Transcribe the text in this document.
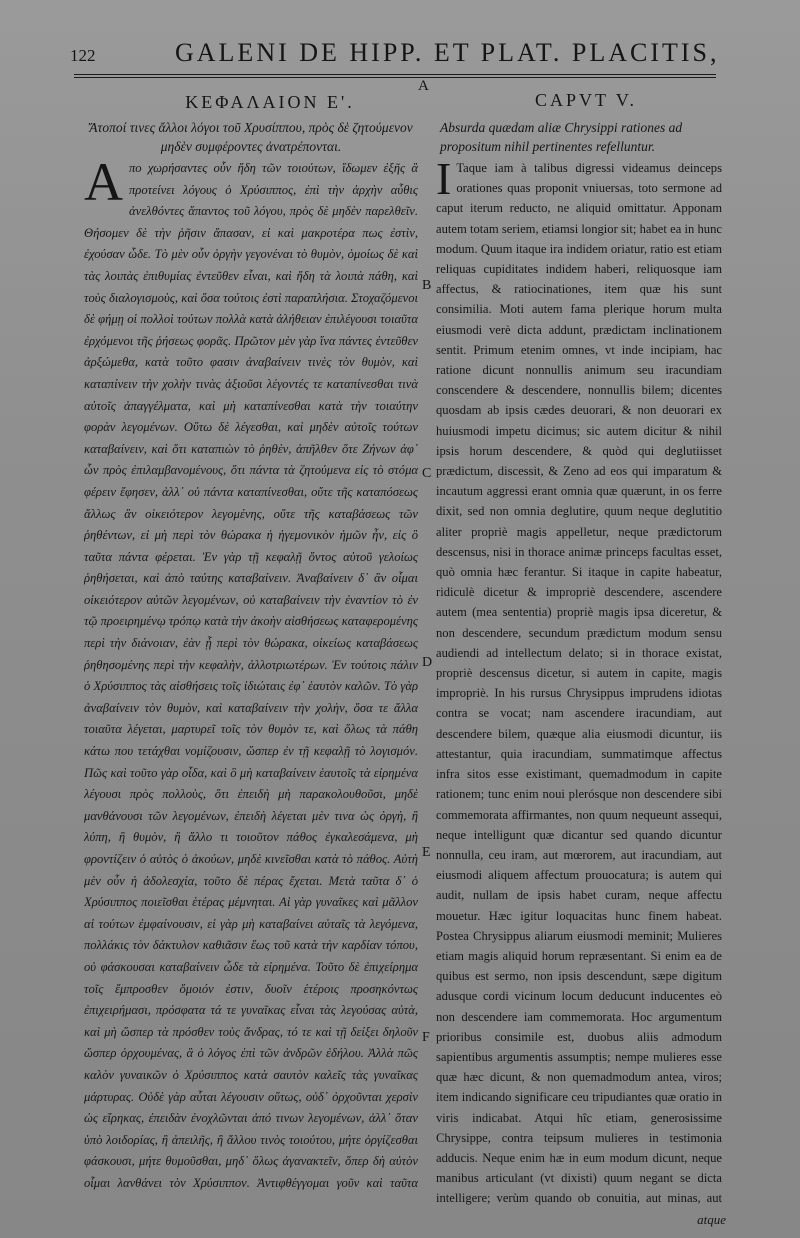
122	GALENI DE HIPP. ET PLAT. PLACITIS,
A
ΚΕΦΑΛΑΙΟΝ Ε'.	CAPVT V.
Ἄτοποί τινες ἄλλοι λόγοι τοῦ Χρυσίππου, πρὸς δὲ ζητούμενον μηδὲν συμφέροντες ἀνατρέπονται.
Absurda quædam aliæ Chrysippi rationes ad propositum nihil pertinentes refelluntur.
Α πο χωρήσαντες οὖν ἤδη τῶν τοιούτων, ἴδωμεν ἐξῆς ἃ προτείνει λόγους ὁ Χρύσιππος, ἐπὶ τὴν ἀρχὴν αὖθις ἀνελθόντες ἅπαντος τοῦ λόγου, πρὸς δὲ μηδὲν παρελθεῖν. Θήσομεν δὲ τὴν ῥῆσιν ἅπασαν, εἰ καὶ μακροτέρα πως ἐστὶν, ἐχούσαν ὧδε. Τὸ μὲν οὖν ὀργὴν γεγονέναι τὸ θυμὸν, ὁμοίως δὲ καὶ τὰς λοιπὰς ἐπιθυμίας ἐντεῦθεν εἶναι, καὶ ἤδη τὰ λοιπὰ πάθη, καὶ τοὺς διαλογισμοὺς, καὶ ὅσα τούτοις ἐστὶ παραπλήσια. Στοχαζόμενοι δὲ φήμῃ οἱ πολλοὶ τούτων πολλὰ κατὰ ἀλήθειαν ἐπιλέγουσι τοιαῦτα ἐρχόμενοι τῆς ῥήσεως φορᾶς. Πρῶτον μὲν γὰρ ἵνα πάντες ἐντεῦθεν ἀρξώμεθα, κατὰ τοῦτο φασιν ἀναβαίνειν τινὲς τὸν θυμὸν, καὶ καταπίνειν τὴν χολὴν τινὰς ἀξιοῦσι λέγοντές τε καταπίνεσθαι τινὰ αὐτοῖς ἀπαγγέλματα, καὶ μὴ καταπίνεσθαι κατὰ τὴν τοιαύτην φορὰν λεγομένων. Οὕτω δὲ λέγεσθαι, καὶ μηδὲν αὐτοῖς τούτων καταβαίνειν, καὶ ὅτι καταπιὼν τὸ ῥηθὲν, ἀπῆλθεν ὅτε Ζήνων ἀφ᾽ ὧν πρὸς ἐπιλαμβανομένους, ὅτι πάντα τὰ ζητούμενα εἰς τὸ στόμα φέρειν ἔφησεν, ἀλλ᾽ οὐ πάντα καταπίνεσθαι, οὔτε τῆς καταπόσεως ἄλλως ἂν οἰκειότερον λεγομένης, οὔτε τῆς καταβάσεως τῶν ῥηθέντων, εἰ μὴ περὶ τὸν θώρακα ἡ ἡγεμονικὸν ἡμῶν ἦν, εἰς ὃ ταῦτα πάντα φέρεται. Ἐν γὰρ τῇ κεφαλῇ ὄντος αὐτοῦ γελοίως ῥηθήσεται, καὶ ἀπὸ ταύτης καταβαίνειν. Ἀναβαίνειν δ᾽ ἂν οἶμαι οἰκειότερον αὐτῶν λεγομένων, οὐ καταβαίνειν τὴν ἐναντίον τὸ ἐν τῷ προειρημένῳ τρόπῳ κατὰ τὴν ἀκοὴν αἰσθήσεως καταφερομένης περὶ τὴν διάνοιαν, ἐὰν ᾖ περὶ τὸν θώρακα, οἰκείως καταβάσεως ῥηθησομένης περὶ τὴν κεφαλὴν, ἀλλοτριωτέρων. Ἐν τούτοις πάλιν ὁ Χρύσιππος τὰς αἰσθήσεις τοῖς ἰδιώταις ἐφ᾽ ἑαυτὸν καλῶν. Τὸ γὰρ ἀναβαίνειν τὸν θυμὸν, καὶ καταβαίνειν τὴν χολὴν, ὅσα τε ἄλλα τοιαῦτα λέγεται, μαρτυρεῖ τοῖς τὸν θυμὸν τε, καὶ ὅλως τὰ πάθη κάτω που τετάχθαι νομίζουσιν, ὥσπερ ἐν τῇ κεφαλῇ τὸ λογισμόν. Πῶς καὶ τοῦτο γὰρ οἶδα, καὶ ὃ μὴ καταβαίνειν ἑαυτοῖς τὰ εἰρημένα λέγουσι πρὸς πολλοὺς, ὅτι ἐπειδὴ μὴ παρακολουθοῦσι, μηδὲ μανθάνουσι τῶν λεγομένων, ἐπειδὴ λέγεται μὲν τινα ὡς ὀργὴ, ἢ λύπη, ἢ θυμὸν, ἢ ἄλλο τι τοιοῦτον πάθος ἐγκαλεσάμενα, μὴ φροντίζειν ὁ αὐτὸς ὁ ἀκούων, μηδὲ κινεῖσθαι κατὰ τὸ πάθος. Αὐτὴ μὲν οὖν ἡ ἀδολεσχία, τοῦτο δὲ πέρας ἔχεται. Μετὰ ταῦτα δ᾽ ὁ Χρύσιππος ποιεῖσθαι ἑτέρας μέμνηται. Αἱ γὰρ γυναῖκες καὶ μᾶλλον αἱ τούτων ἐμφαίνουσιν, εἰ γὰρ μὴ καταβαίνει αὐταῖς τὰ λεγόμενα, πολλάκις τὸν δάκτυλον καθιᾶσιν ἕως τοῦ κατὰ τὴν καρδίαν τόπου, οὐ φάσκουσαι καταβαίνειν ὧδε τὰ εἰρημένα. Τοῦτο δὲ ἐπιχείρημα τοῖς ἔμπροσθεν ὅμοιόν ἐστιν, δυοῖν ἑτέροις προσηκόντως ἐπιχειρήμασι, πρόσφατα τά τε γυναῖκας εἶναι τὰς λεγούσας αὐτὰ, καὶ μὴ ὥσπερ τὰ πρόσθεν τοὺς ἄνδρας, τό τε καὶ τῇ δείξει δηλοῦν ὥσπερ ὀρχουμένας, ἃ ὁ λόγος ἐπὶ τῶν ἀνδρῶν ἐδήλου. Ἀλλὰ πῶς καλὸν γυναικῶν ὁ Χρύσιππος κατὰ σαυτὸν καλεῖς τὰς γυναῖκας μάρτυρας. Οὐδὲ γὰρ αὗται λέγουσιν οὕτως, οὐδ᾽ ὀρχοῦνται χερσὶν ὡς εἴρηκας, ἐπειδὰν ἐνοχλῶνται ἀπό τινων λεγομένων, ἀλλ᾽ ὅταν ὑπὸ λοιδορίας, ἢ ἀπειλῆς, ἢ ἄλλου τινὸς τοιούτου, μήτε ὀργίζεσθαι φάσκουσι, μήτε θυμοῦσθαι, μηδ᾽ ὅλως ἀγανακτεῖν, ὅπερ δὴ αὐτὸν οἶμαι λανθάνει τὸν Χρύσιππον. Ἀντιφθέγγομαι γοῦν καὶ ταῦτα
I Taque iam à talibus digressi videamus deinceps orationes quas proponit vniuersas, toto sermone ad caput iterum reducto, ne aliquid omittatur. Apponam autem totam seriem, etiamsi longior sit; habet ea in hunc modum. Quum itaque ira indidem oriatur, ratio est etiam reliquas cupiditates indidem haberi, reliquosque iam affectus, & ratiocinationes, item quæ his sunt consimilia. Moti autem fama plerique horum multa eiusmodi verè dicta addunt, prædictam inclinationem sentit. Primum etenim omnes, vt inde incipiam, hac ratione dicunt nonnullis animum seu iracundiam conscendere & descendere, nonnullis bilem; dicentes quosdam ab ipsis cædes deuorari, & non deuorari ex huiusmodi impetu dicimus; sic autem dicitur & nihil ipsis horum descendere, & quòd qui deglutiisset prædictum, discessit, & Zeno ad eos qui imparatum & incautum aggressi erant omnia quæ quærunt, in os ferre dixit, sed non omnia deglutire, quum neque deglutitio aliter propriè magis appelletur, neque prædictorum descensus, nisi in thorace animæ princeps facultas esset, quò omnia hæc ferantur. Si itaque in capite habeatur, ridiculè dicetur & impropriè descendere, ascendere autem (mea sententia) propriè magis ipsa diceretur, & non descendere, secundum prædictum modum sensu audiendi ad intellectum delato; si in thorace existat, propriè descensus dicetur, si autem in capite, magis impropriè. In his rursus Chrysippus imprudens idiotas contra se vocat; nam ascendere iracundiam, aut descendere bilem, quæque alia eiusmodi dicuntur, iis attestantur, quia iracundiam, summatimque affectus infra sitos esse existimant, quemadmodum in capite rationem; tunc enim noui plerósque non descendere sibi commemorata affirmantes, non quum nequeunt assequi, neque intelligunt quæ dicantur sed quando dicuntur nonnulla, ceu iram, aut mœrorem, aut iracundiam, aut eiusmodi aliquem affectum prouocatura; is autem qui audit, nullam de ipsis habet curam, neque affectu mouetur. Hæc igitur loquacitas hunc finem habeat. Postea Chrysippus aliarum eiusmodi meminit; Mulieres etiam magis aliquid horum repræsentant. Si enim ea de quibus est sermo, non ipsis descendunt, sæpe digitum adusque cordi vicinum locum deducunt inducentes eò non descendere iam commemorata. Hoc argumentum prioribus consimile est, duobus aliis admodum sapientibus argumentis assumptis; nempe mulieres esse quæ hæc dicunt, & non quemadmodum antea, viros; item indicando significare ceu tripudiantes quæ oratio in viris indicabat. Atqui hîc etiam, generosissime Chrysippe, contra teipsum mulieres in testimonia adducis. Neque enim hæ in eum modum dicunt, neque manibus articulant (vt dixisti) quum negant se dicta intelligere; verùm quando ob conuitia, aut minas, aut
B
C
D
E
F
atque
